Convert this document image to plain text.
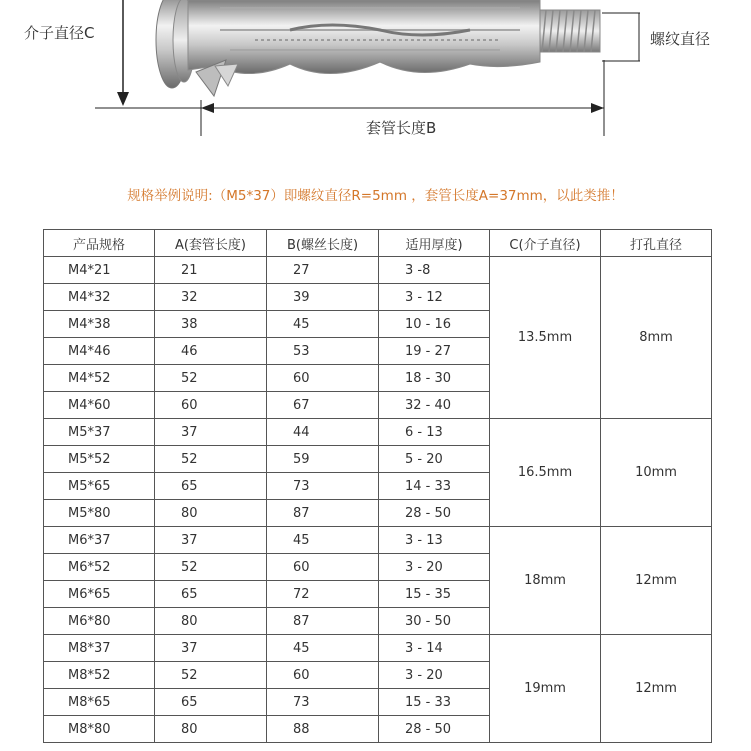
介子直径C	螺纹直径
套管长度B
规格举例说明:（M5*37）即螺纹直径R=5mm ，套管长度A=37mm，以此类推！
产品规格	A(套管长度)	B(螺丝长度)	适用厚度)	C(介子直径)	打孔直径
M4*21	21	27	3 -8	13.5mm	8mm
M4*32	32	39	3 - 12		
M4*38	38	45	10 - 16		
M4*46	46	53	19 - 27		
M4*52	52	60	18 - 30		
M4*60	60	67	32 - 40		
M5*37	37	44	6 - 13	16.5mm	10mm
M5*52	52	59	5 - 20		
M5*65	65	73	14 - 33		
M5*80	80	87	28 - 50		
M6*37	37	45	3 - 13	18mm	12mm
M6*52	52	60	3 - 20		
M6*65	65	72	15 - 35		
M6*80	80	87	30 - 50		
M8*37	37	45	3 - 14	19mm	12mm
M8*52	52	60	3 - 20		
M8*65	65	73	15 - 33		
M8*80	80	88	28 - 50		
